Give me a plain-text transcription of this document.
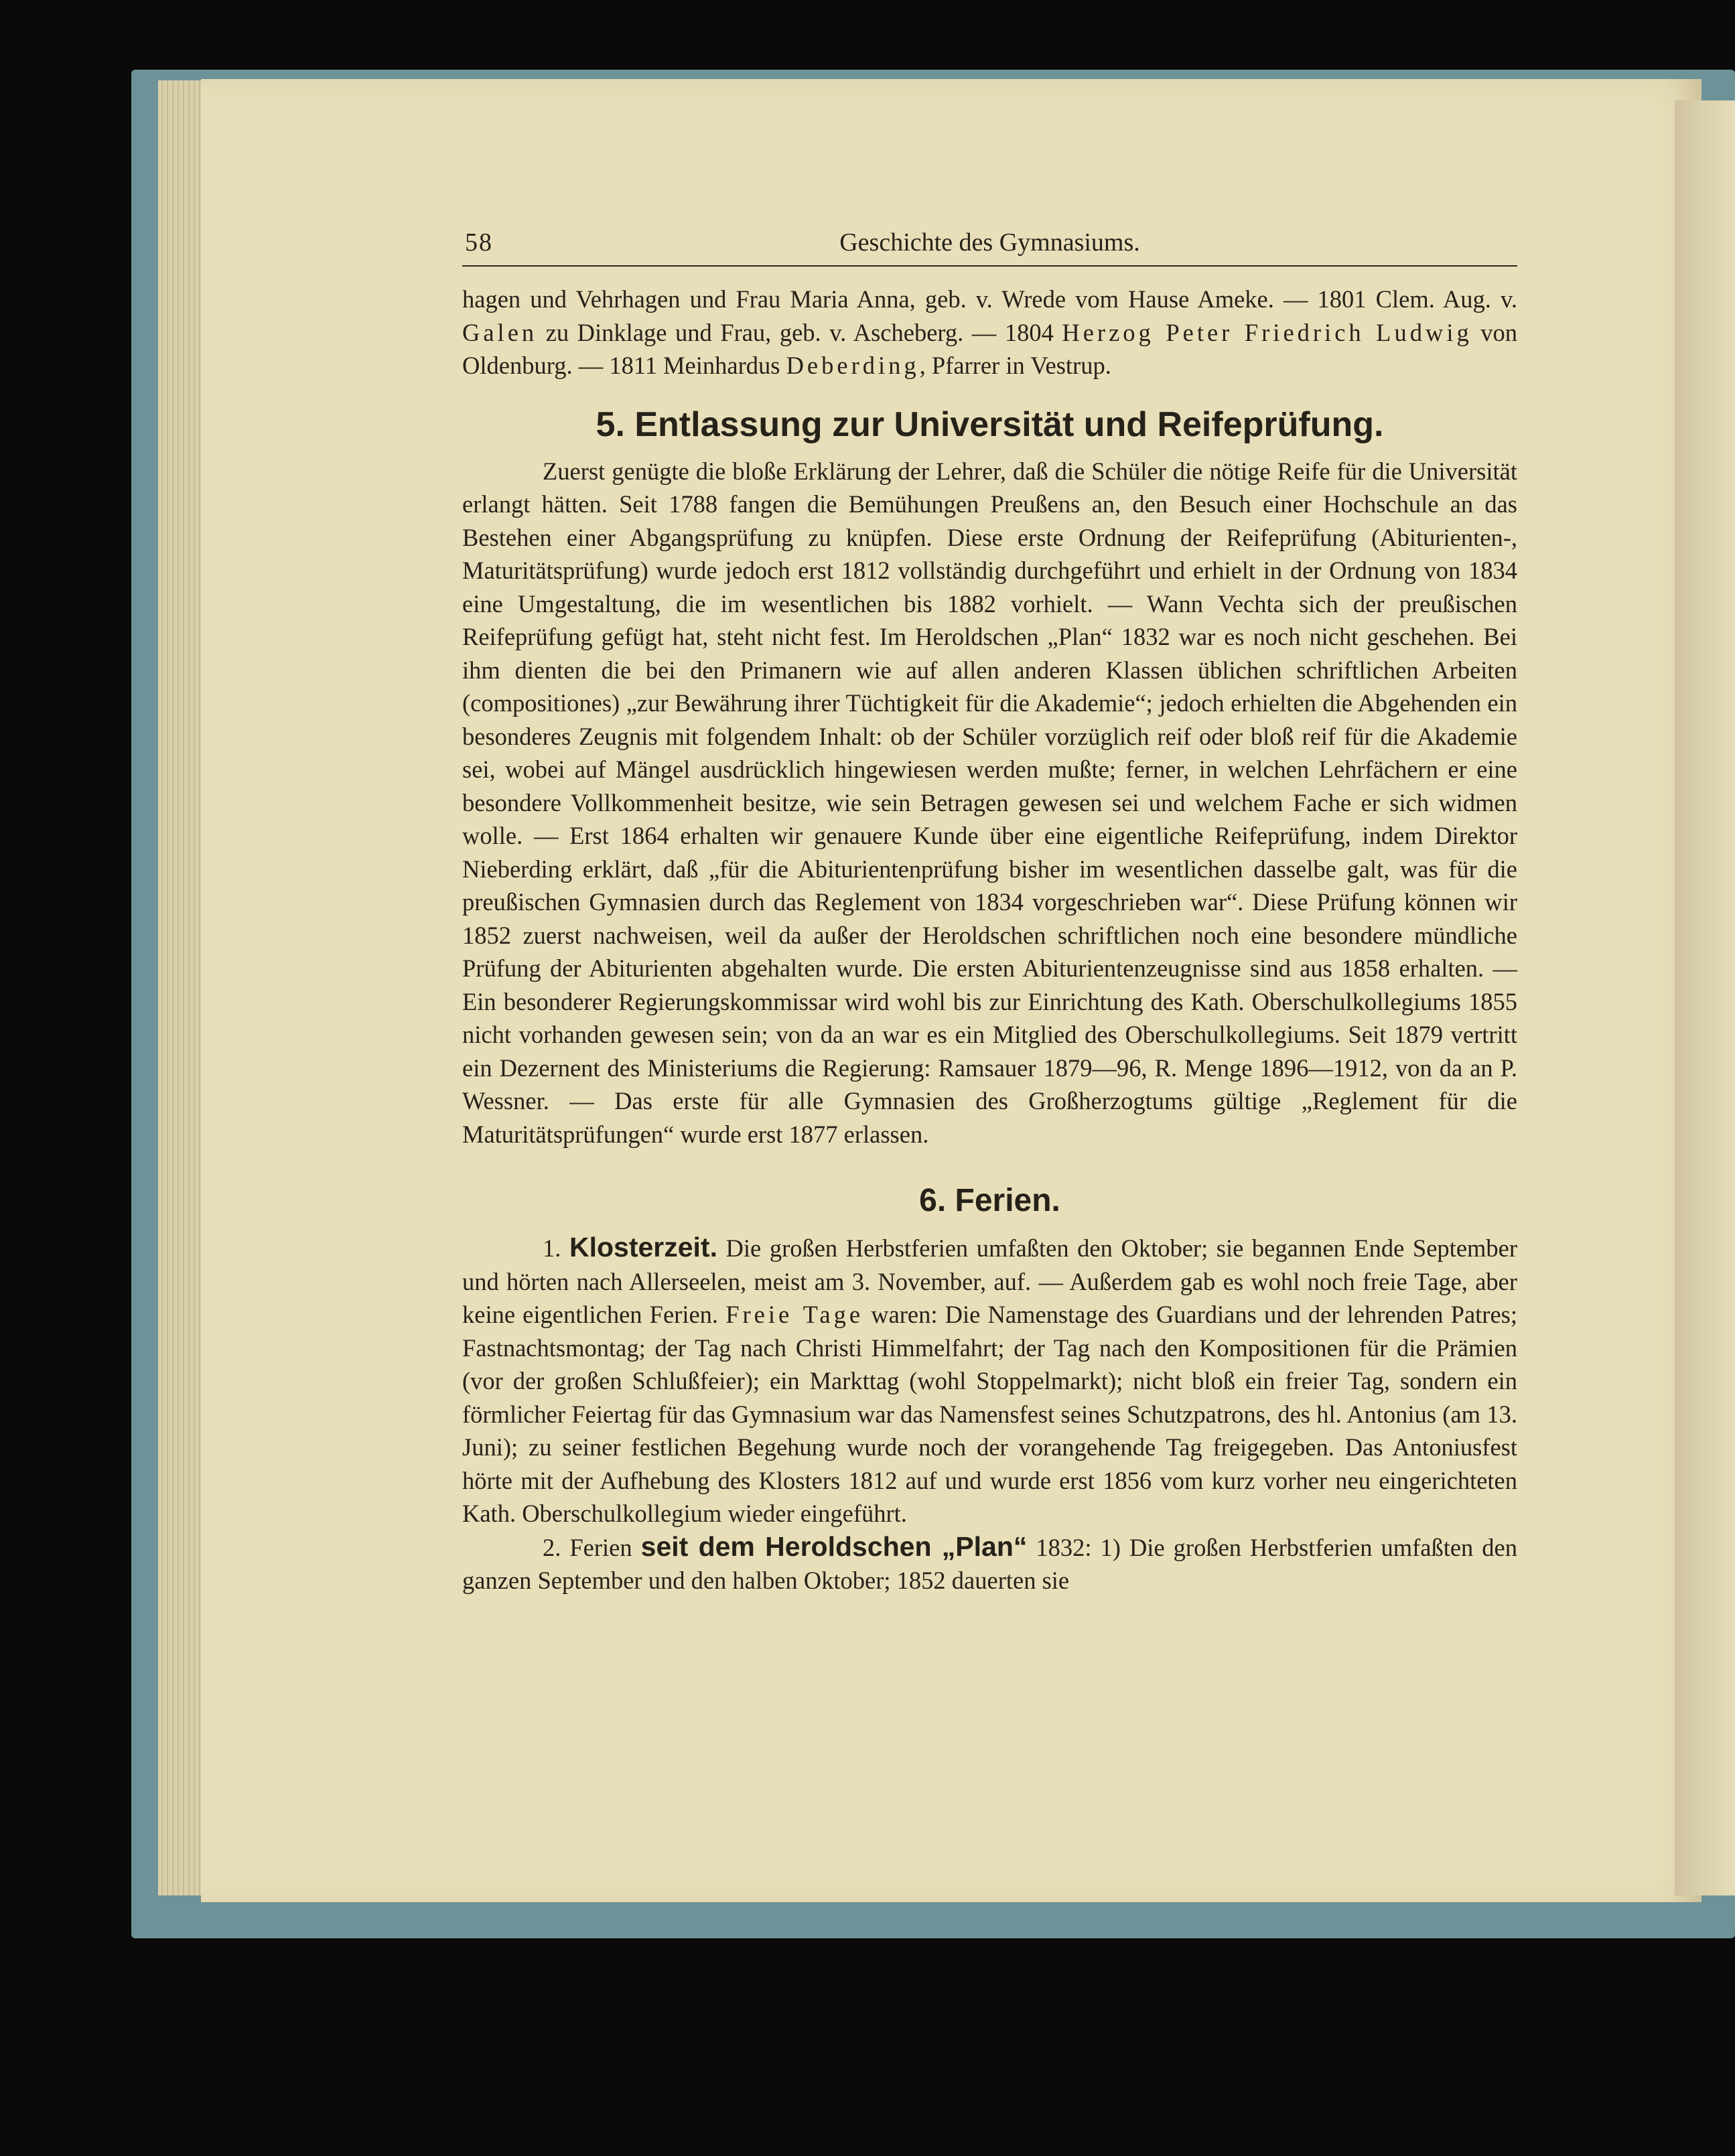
58	Geschichte des Gymnasiums.

hagen und Vehrhagen und Frau Maria Anna, geb. v. Wrede vom Hause Ameke. — 1801 Clem. Aug. v. Galen zu Dinklage und Frau, geb. v. Ascheberg. — 1804 Herzog Peter Friedrich Ludwig von Oldenburg. — 1811 Meinhardus Deberding, Pfarrer in Vestrup.

5. Entlassung zur Universität und Reifeprüfung.

Zuerst genügte die bloße Erklärung der Lehrer, daß die Schüler die nötige Reife für die Universität erlangt hätten. Seit 1788 fangen die Bemühungen Preußens an, den Besuch einer Hochschule an das Bestehen einer Abgangsprüfung zu knüpfen. Diese erste Ordnung der Reifeprüfung (Abiturienten-, Maturitätsprüfung) wurde jedoch erst 1812 vollständig durchgeführt und erhielt in der Ordnung von 1834 eine Umgestaltung, die im wesentlichen bis 1882 vorhielt. — Wann Vechta sich der preußischen Reifeprüfung gefügt hat, steht nicht fest. Im Heroldschen „Plan“ 1832 war es noch nicht geschehen. Bei ihm dienten die bei den Primanern wie auf allen anderen Klassen üblichen schriftlichen Arbeiten (compositiones) „zur Bewährung ihrer Tüchtigkeit für die Akademie“; jedoch erhielten die Abgehenden ein besonderes Zeugnis mit folgendem Inhalt: ob der Schüler vorzüglich reif oder bloß reif für die Akademie sei, wobei auf Mängel ausdrücklich hingewiesen werden mußte; ferner, in welchen Lehrfächern er eine besondere Vollkommenheit besitze, wie sein Betragen gewesen sei und welchem Fache er sich widmen wolle. — Erst 1864 erhalten wir genauere Kunde über eine eigentliche Reifeprüfung, indem Direktor Nieberding erklärt, daß „für die Abiturientenprüfung bisher im wesentlichen dasselbe galt, was für die preußischen Gymnasien durch das Reglement von 1834 vorgeschrieben war“. Diese Prüfung können wir 1852 zuerst nachweisen, weil da außer der Heroldschen schriftlichen noch eine besondere mündliche Prüfung der Abiturienten abgehalten wurde. Die ersten Abiturientenzeugnisse sind aus 1858 erhalten. — Ein besonderer Regierungskommissar wird wohl bis zur Einrichtung des Kath. Oberschulkollegiums 1855 nicht vorhanden gewesen sein; von da an war es ein Mitglied des Oberschulkollegiums. Seit 1879 vertritt ein Dezernent des Ministeriums die Regierung: Ramsauer 1879—96, R. Menge 1896—1912, von da an P. Wessner. — Das erste für alle Gymnasien des Großherzogtums gültige „Reglement für die Maturitätsprüfungen“ wurde erst 1877 erlassen.

6. Ferien.

1. Klosterzeit. Die großen Herbstferien umfaßten den Oktober; sie begannen Ende September und hörten nach Allerseelen, meist am 3. November, auf. — Außerdem gab es wohl noch freie Tage, aber keine eigentlichen Ferien. Freie Tage waren: Die Namenstage des Guardians und der lehrenden Patres; Fastnachtsmontag; der Tag nach Christi Himmelfahrt; der Tag nach den Kompositionen für die Prämien (vor der großen Schlußfeier); ein Markttag (wohl Stoppelmarkt); nicht bloß ein freier Tag, sondern ein förmlicher Feiertag für das Gymnasium war das Namensfest seines Schutzpatrons, des hl. Antonius (am 13. Juni); zu seiner festlichen Begehung wurde noch der vorangehende Tag freigegeben. Das Antoniusfest hörte mit der Aufhebung des Klosters 1812 auf und wurde erst 1856 vom kurz vorher neu eingerichteten Kath. Oberschulkollegium wieder eingeführt.

2. Ferien seit dem Heroldschen „Plan“ 1832: 1) Die großen Herbstferien umfaßten den ganzen September und den halben Oktober; 1852 dauerten sie
